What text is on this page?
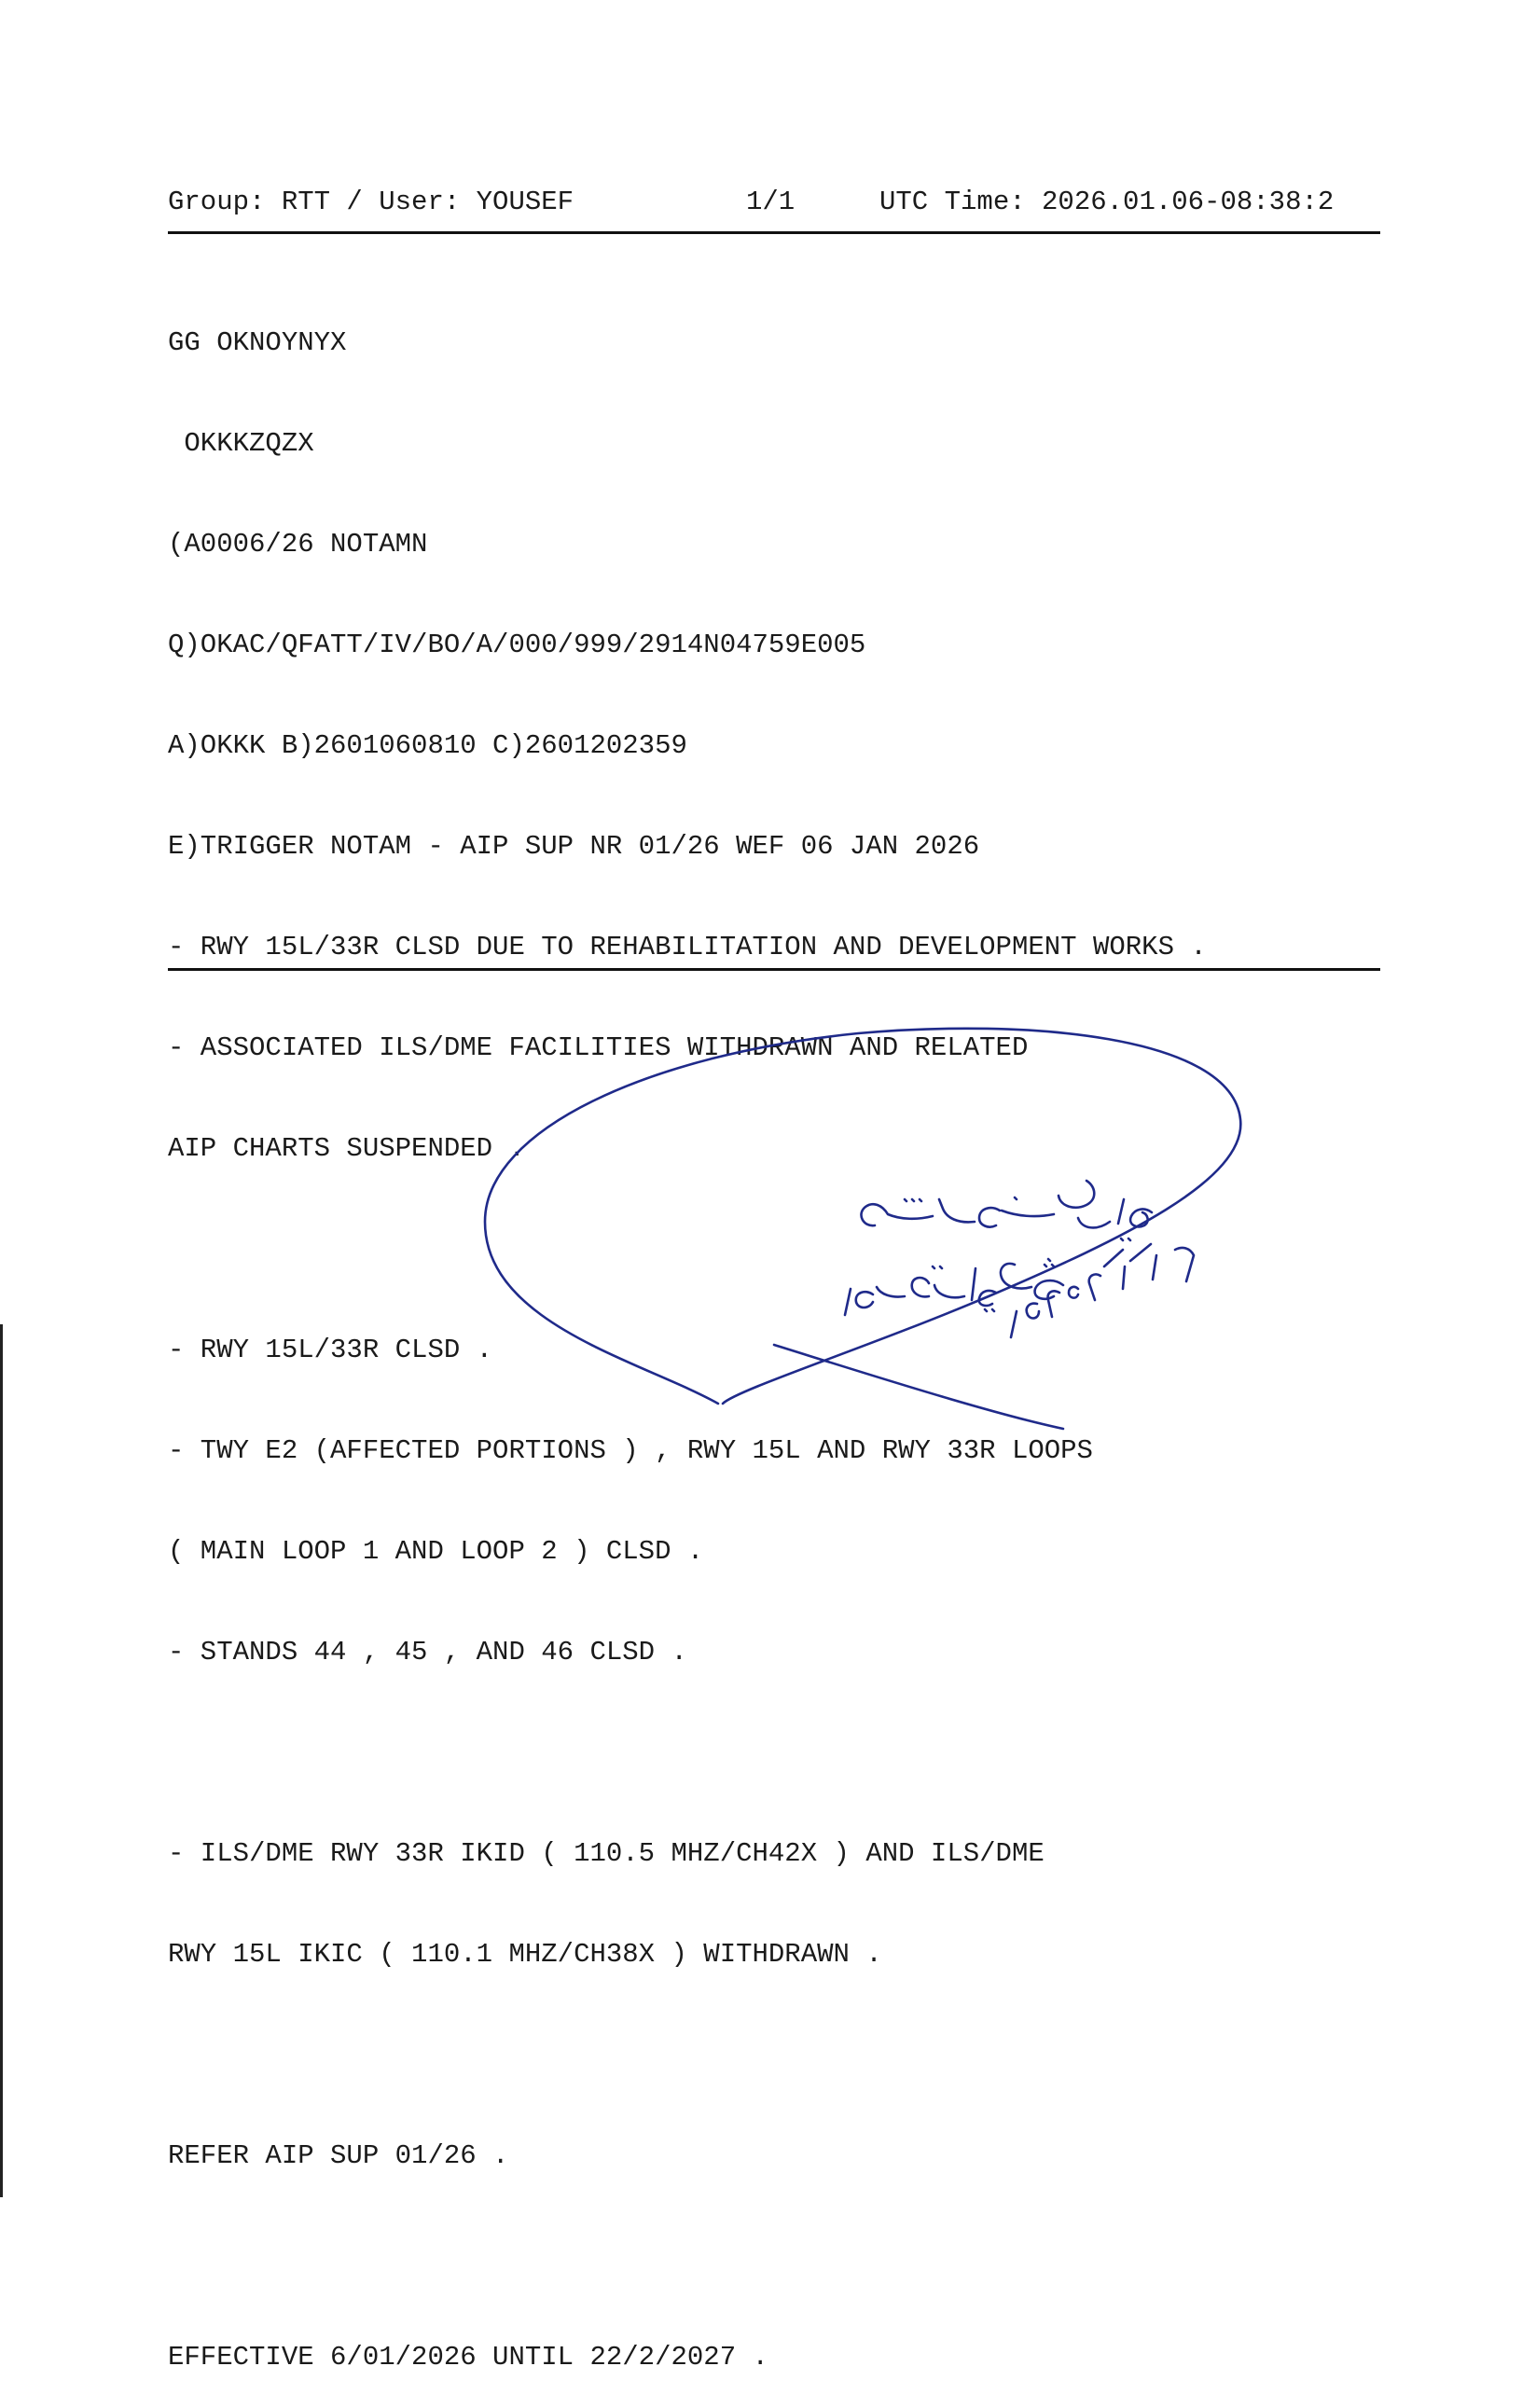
Group: RTT / User: YOUSEF

	1/1

	UTC Time: 2026.01.06-08:38:2

GG OKNOYNYX

OKKKZQZX

(A0006/26 NOTAMN

Q)OKAC/QFATT/IV/BO/A/000/999/2914N04759E005

A)OKKK B)2601060810 C)2601202359

E)TRIGGER NOTAM - AIP SUP NR 01/26 WEF 06 JAN 2026

- RWY 15L/33R CLSD DUE TO REHABILITATION AND DEVELOPMENT WORKS .

- ASSOCIATED ILS/DME FACILITIES WITHDRAWN AND RELATED

AIP CHARTS SUSPENDED .

- RWY 15L/33R CLSD .

- TWY E2 (AFFECTED PORTIONS ) , RWY 15L AND RWY 33R LOOPS

( MAIN LOOP 1 AND LOOP 2 ) CLSD .

- STANDS 44 , 45 , AND 46 CLSD .

- ILS/DME RWY 33R IKID ( 110.5 MHZ/CH42X ) AND ILS/DME

RWY 15L IKIC ( 110.1 MHZ/CH38X ) WITHDRAWN .

REFER AIP SUP 01/26 .

EFFECTIVE 6/01/2026 UNTIL 22/2/2027 .
